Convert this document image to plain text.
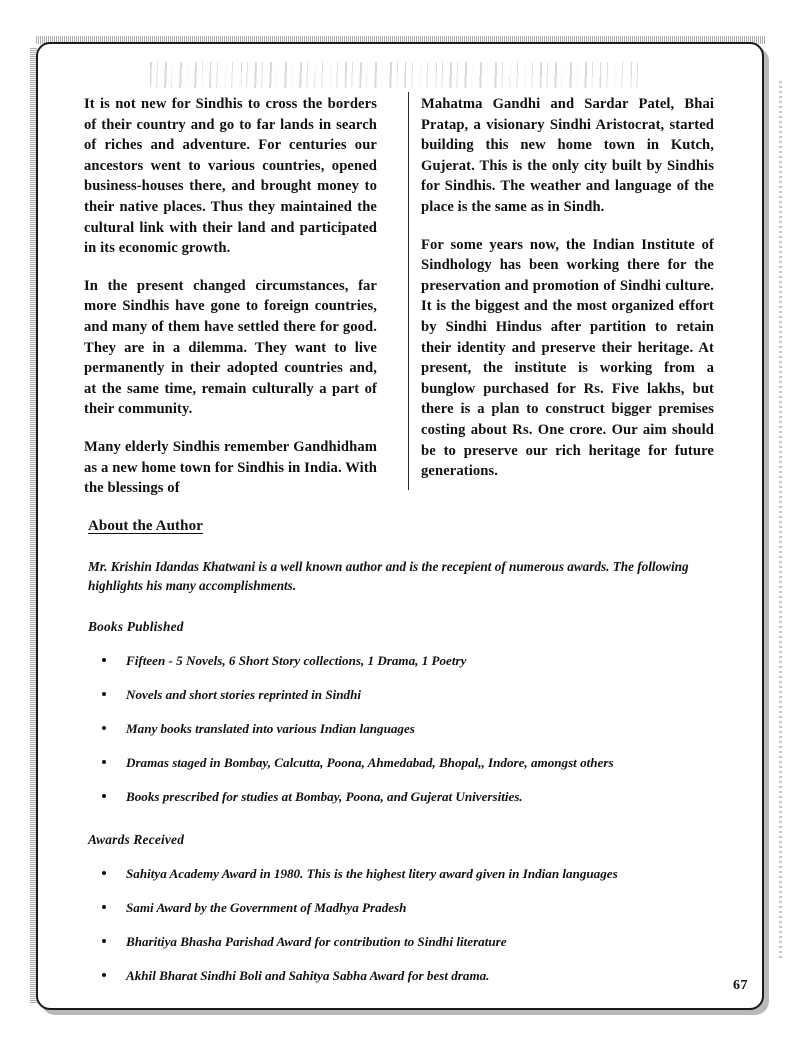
It is not new for Sindhis to cross the borders of their country and go to far lands in search of riches and adventure. For centuries our ancestors went to various countries, opened business-houses there, and brought money to their native places. Thus they maintained the cultural link with their land and participated in its economic growth.

In the present changed circumstances, far more Sindhis have gone to foreign countries, and many of them have settled there for good. They are in a dilemma. They want to live permanently in their adopted countries and, at the same time, remain culturally a part of their community.

Many elderly Sindhis remember Gandhidham as a new home town for Sindhis in India. With the blessings of

Mahatma Gandhi and Sardar Patel, Bhai Pratap, a visionary Sindhi Aristocrat, started building this new home town in Kutch, Gujerat. This is the only city built by Sindhis for Sindhis. The weather and language of the place is the same as in Sindh.

For some years now, the Indian Institute of Sindhology has been working there for the preservation and promotion of Sindhi culture. It is the biggest and the most organized effort by Sindhi Hindus after partition to retain their identity and preserve their heritage. At present, the institute is working from a bunglow purchased for Rs. Five lakhs, but there is a plan to construct bigger premises costing about Rs. One crore. Our aim should be to preserve our rich heritage for future generations.

About the Author

Mr. Krishin Idandas Khatwani is a well known author and is the recepient of numerous awards. The following highlights his many accomplishments.

Books Published
Fifteen - 5 Novels, 6 Short Story collections, 1 Drama, 1 Poetry
Novels and short stories reprinted in Sindhi
Many books translated into various Indian languages
Dramas staged in Bombay, Calcutta, Poona, Ahmedabad, Bhopal,, Indore, amongst others
Books prescribed for studies at Bombay, Poona, and Gujerat Universities.
Awards Received
Sahitya Academy Award in 1980. This is the highest litery award given in Indian languages
Sami Award by the Government of Madhya Pradesh
Bharitiya Bhasha Parishad Award for contribution to Sindhi literature
Akhil Bharat Sindhi Boli and Sahitya Sabha Award for best drama.
67
